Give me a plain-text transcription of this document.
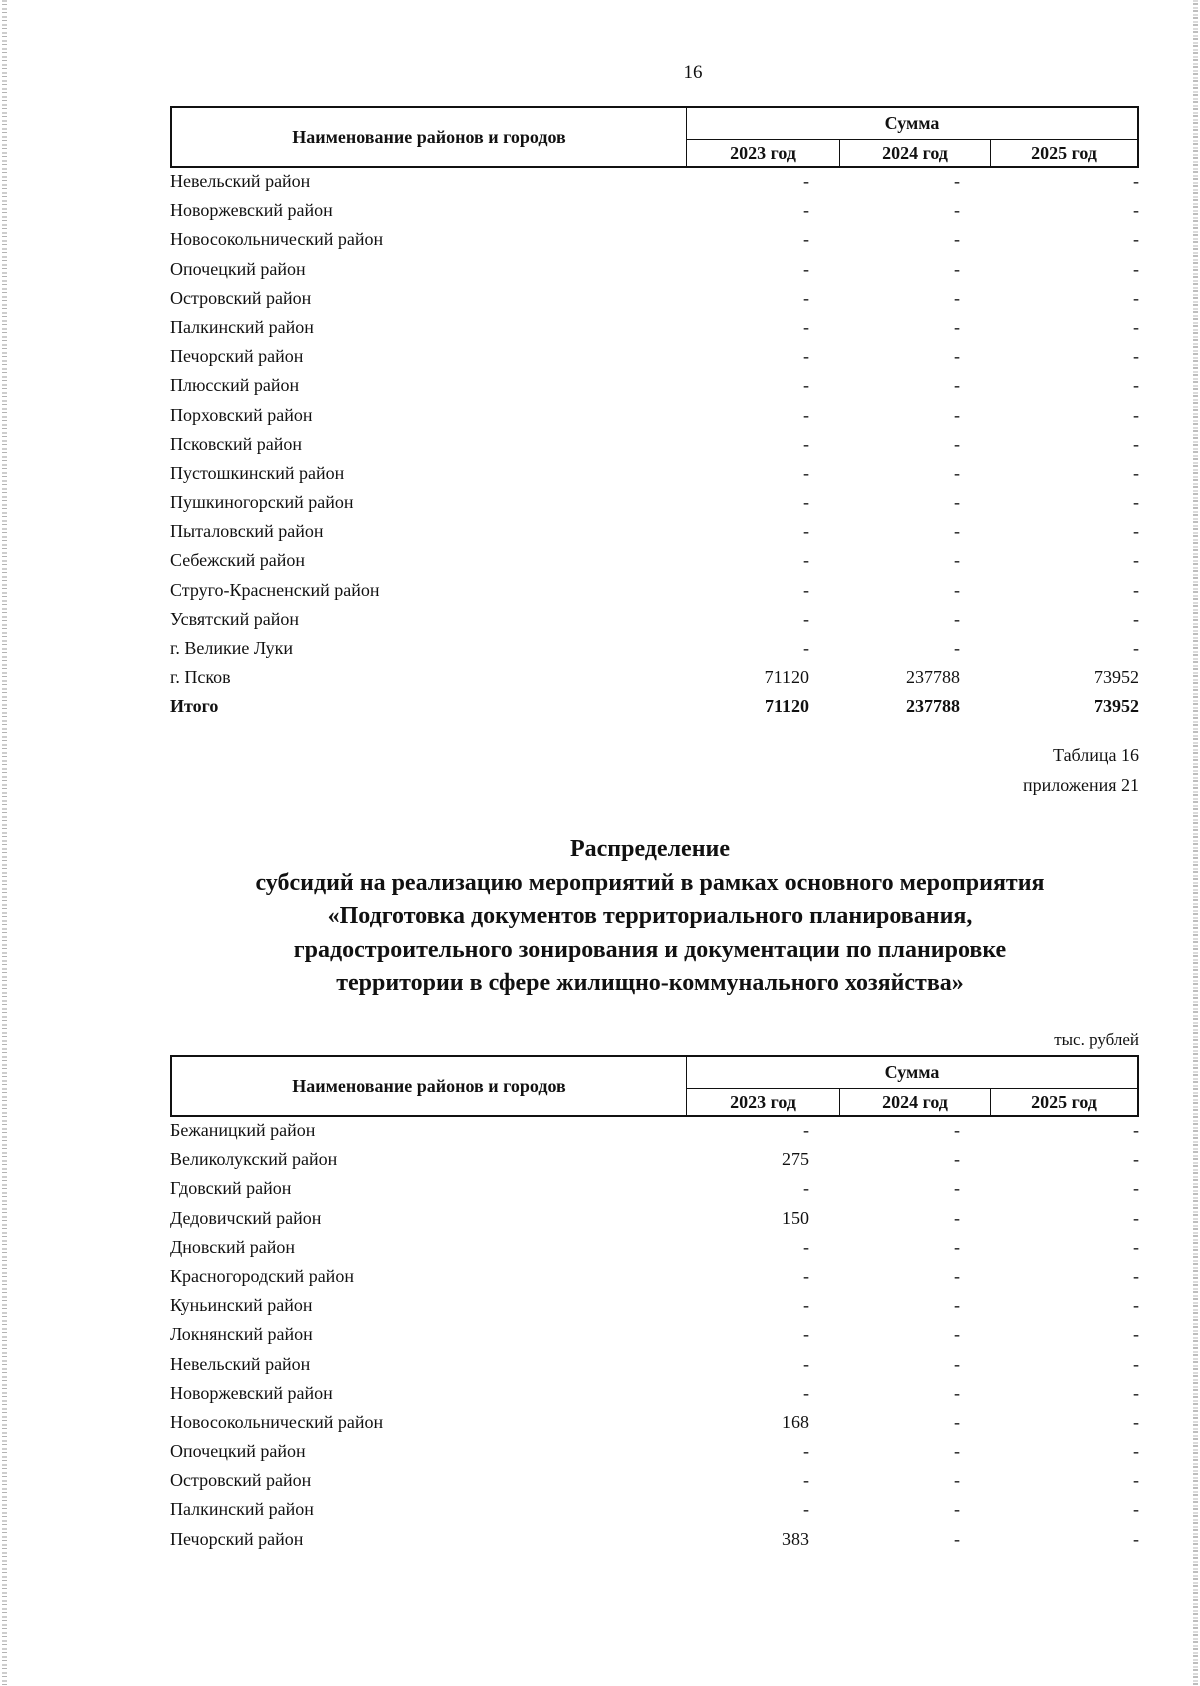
16
Наименование районов и городов
Сумма
2023 год	2024 год	2025 год
Невельский район	-	-	-
Новоржевский район	-	-	-
Новосокольнический район	-	-	-
Опочецкий район	-	-	-
Островский район	-	-	-
Палкинский район	-	-	-
Печорский район	-	-	-
Плюсский район	-	-	-
Порховский район	-	-	-
Псковский район	-	-	-
Пустошкинский район	-	-	-
Пушкиногорский район	-	-	-
Пыталовский район	-	-	-
Себежский район	-	-	-
Струго-Красненский район	-	-	-
Усвятский район	-	-	-
г. Великие Луки	-	-	-
г. Псков	71120	237788	73952
Итого	71120	237788	73952
Таблица 16
приложения 21
Распределение
субсидий на реализацию мероприятий в рамках основного мероприятия
«Подготовка документов территориального планирования,
градостроительного зонирования и документации по планировке
территории в сфере жилищно-коммунального хозяйства»
тыс. рублей
Наименование районов и городов
Сумма
2023 год	2024 год	2025 год
Бежаницкий район	-	-	-
Великолукский район	275	-	-
Гдовский район	-	-	-
Дедовичский район	150	-	-
Дновский район	-	-	-
Красногородский район	-	-	-
Куньинский район	-	-	-
Локнянский район	-	-	-
Невельский район	-	-	-
Новоржевский район	-	-	-
Новосокольнический район	168	-	-
Опочецкий район	-	-	-
Островский район	-	-	-
Палкинский район	-	-	-
Печорский район	383	-	-
